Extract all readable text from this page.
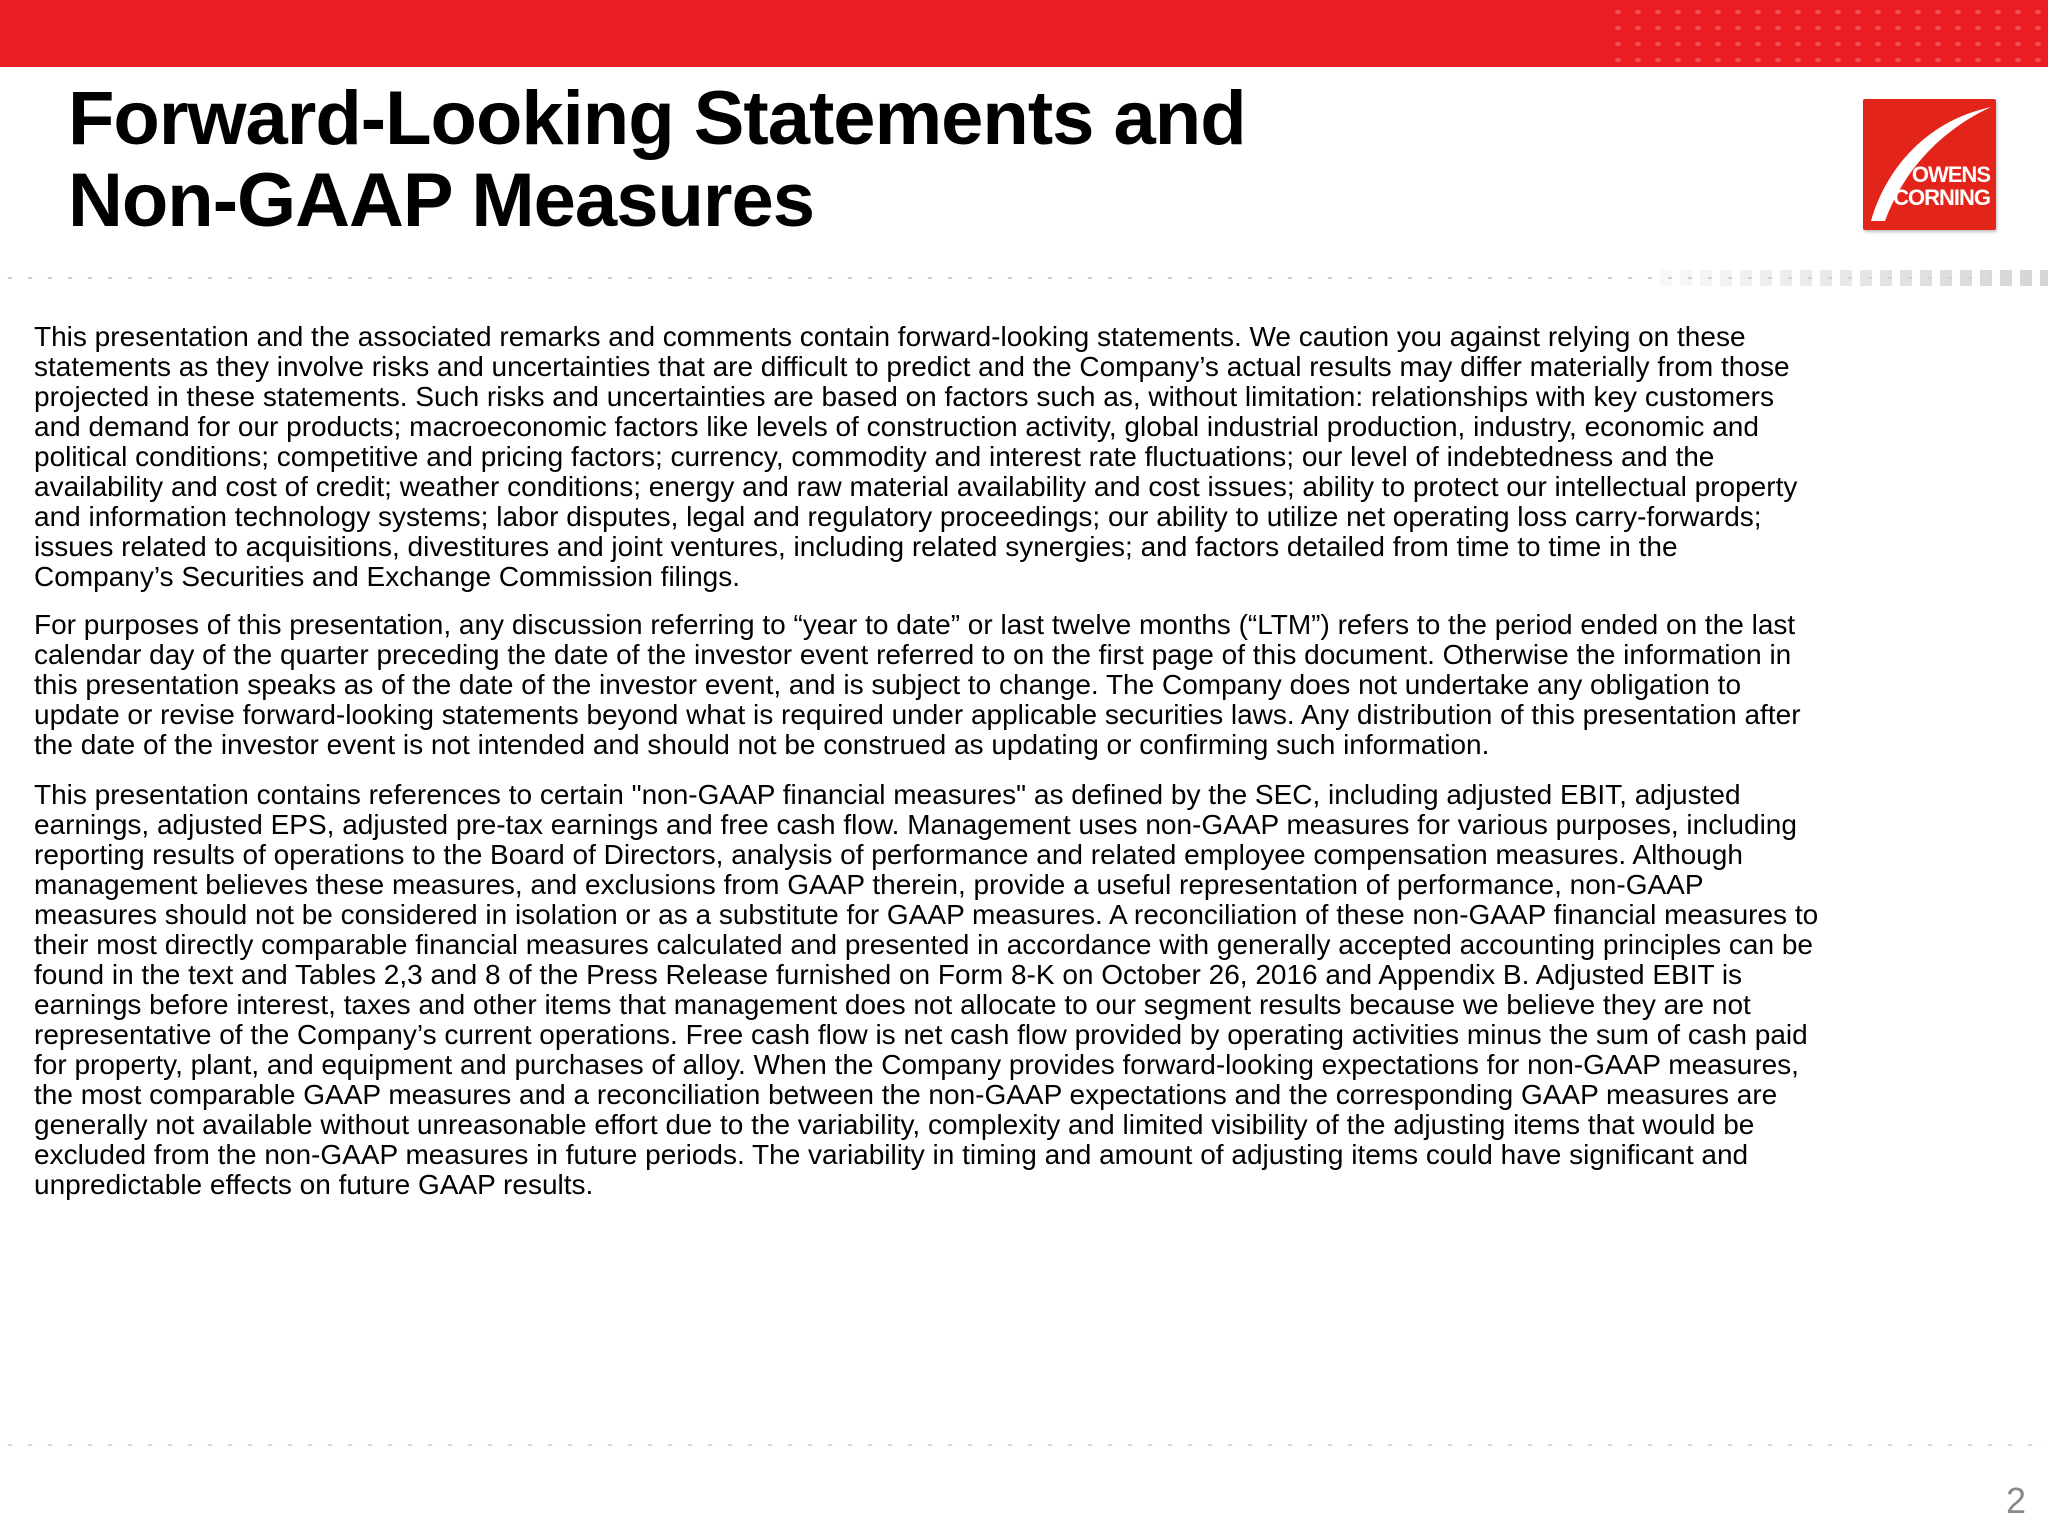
Forward-Looking Statements and
Non-GAAP Measures	OWENS
CORNING

This presentation and the associated remarks and comments contain forward-looking statements. We caution you against relying on these
statements as they involve risks and uncertainties that are difficult to predict and the Company’s actual results may differ materially from those
projected in these statements. Such risks and uncertainties are based on factors such as, without limitation: relationships with key customers
and demand for our products; macroeconomic factors like levels of construction activity, global industrial production, industry, economic and
political conditions; competitive and pricing factors; currency, commodity and interest rate fluctuations; our level of indebtedness and the
availability and cost of credit; weather conditions; energy and raw material availability and cost issues; ability to protect our intellectual property
and information technology systems; labor disputes, legal and regulatory proceedings; our ability to utilize net operating loss carry-forwards;
issues related to acquisitions, divestitures and joint ventures, including related synergies; and factors detailed from time to time in the
Company’s Securities and Exchange Commission filings.

For purposes of this presentation, any discussion referring to “year to date” or last twelve months (“LTM”) refers to the period ended on the last
calendar day of the quarter preceding the date of the investor event referred to on the first page of this document. Otherwise the information in
this presentation speaks as of the date of the investor event, and is subject to change. The Company does not undertake any obligation to
update or revise forward-looking statements beyond what is required under applicable securities laws. Any distribution of this presentation after
the date of the investor event is not intended and should not be construed as updating or confirming such information.

This presentation contains references to certain "non-GAAP financial measures" as defined by the SEC, including adjusted EBIT, adjusted
earnings, adjusted EPS, adjusted pre-tax earnings and free cash flow. Management uses non-GAAP measures for various purposes, including
reporting results of operations to the Board of Directors, analysis of performance and related employee compensation measures. Although
management believes these measures, and exclusions from GAAP therein, provide a useful representation of performance, non-GAAP
measures should not be considered in isolation or as a substitute for GAAP measures. A reconciliation of these non-GAAP financial measures to
their most directly comparable financial measures calculated and presented in accordance with generally accepted accounting principles can be
found in the text and Tables 2,3 and 8 of the Press Release furnished on Form 8-K on October 26, 2016 and Appendix B. Adjusted EBIT is
earnings before interest, taxes and other items that management does not allocate to our segment results because we believe they are not
representative of the Company’s current operations. Free cash flow is net cash flow provided by operating activities minus the sum of cash paid
for property, plant, and equipment and purchases of alloy. When the Company provides forward-looking expectations for non-GAAP measures,
the most comparable GAAP measures and a reconciliation between the non-GAAP expectations and the corresponding GAAP measures are
generally not available without unreasonable effort due to the variability, complexity and limited visibility of the adjusting items that would be
excluded from the non-GAAP measures in future periods. The variability in timing and amount of adjusting items could have significant and
unpredictable effects on future GAAP results.

2
